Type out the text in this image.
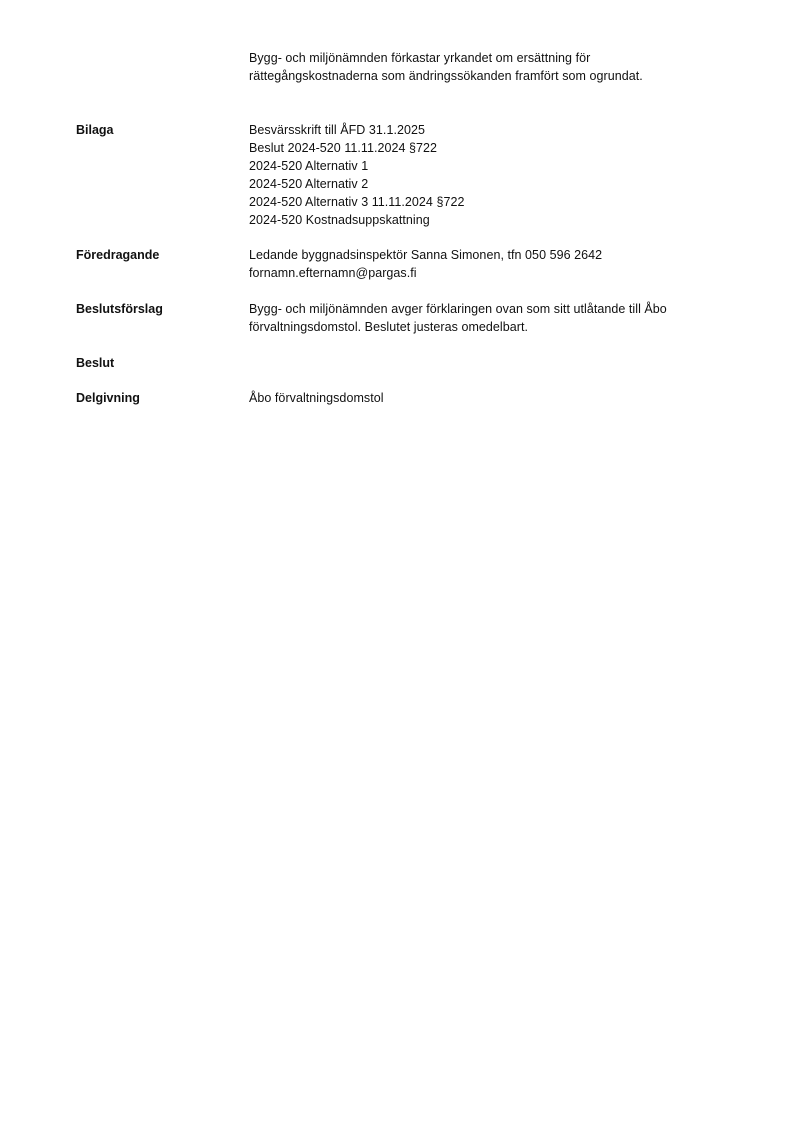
Bygg- och miljönämnden förkastar yrkandet om ersättning för
rättegångskostnaderna som ändringssökanden framfört som ogrundat.
Bilaga	Besvärsskrift till ÅFD 31.1.2025
Beslut 2024-520 11.11.2024 §722
2024-520 Alternativ 1
2024-520 Alternativ 2
2024-520 Alternativ 3 11.11.2024 §722
2024-520 Kostnadsuppskattning
Föredragande	Ledande byggnadsinspektör Sanna Simonen, tfn 050 596 2642
fornamn.efternamn@pargas.fi
Beslutsförslag	Bygg- och miljönämnden avger förklaringen ovan som sitt utlåtande till Åbo
förvaltningsdomstol. Beslutet justeras omedelbart.
Beslut
Delgivning	Åbo förvaltningsdomstol
